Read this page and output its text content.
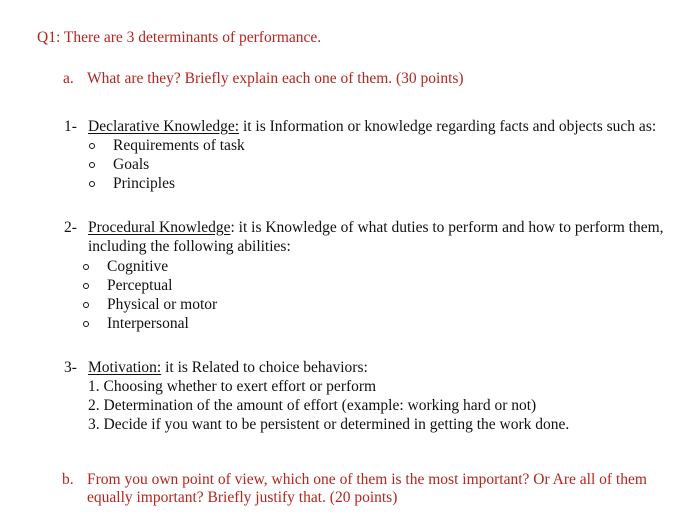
Q1: There are 3 determinants of performance.
a. What are they? Briefly explain each one of them. (30 points)
1- Declarative Knowledge: it is Information or knowledge regarding facts and objects such as:
Requirements of task
Goals
Principles
2- Procedural Knowledge: it is Knowledge of what duties to perform and how to perform them,
including the following abilities:
Cognitive
Perceptual
Physical or motor
Interpersonal
3- Motivation: it is Related to choice behaviors:
1. Choosing whether to exert effort or perform
2. Determination of the amount of effort (example: working hard or not)
3. Decide if you want to be persistent or determined in getting the work done.
b. From you own point of view, which one of them is the most important? Or Are all of them
equally important? Briefly justify that. (20 points)
